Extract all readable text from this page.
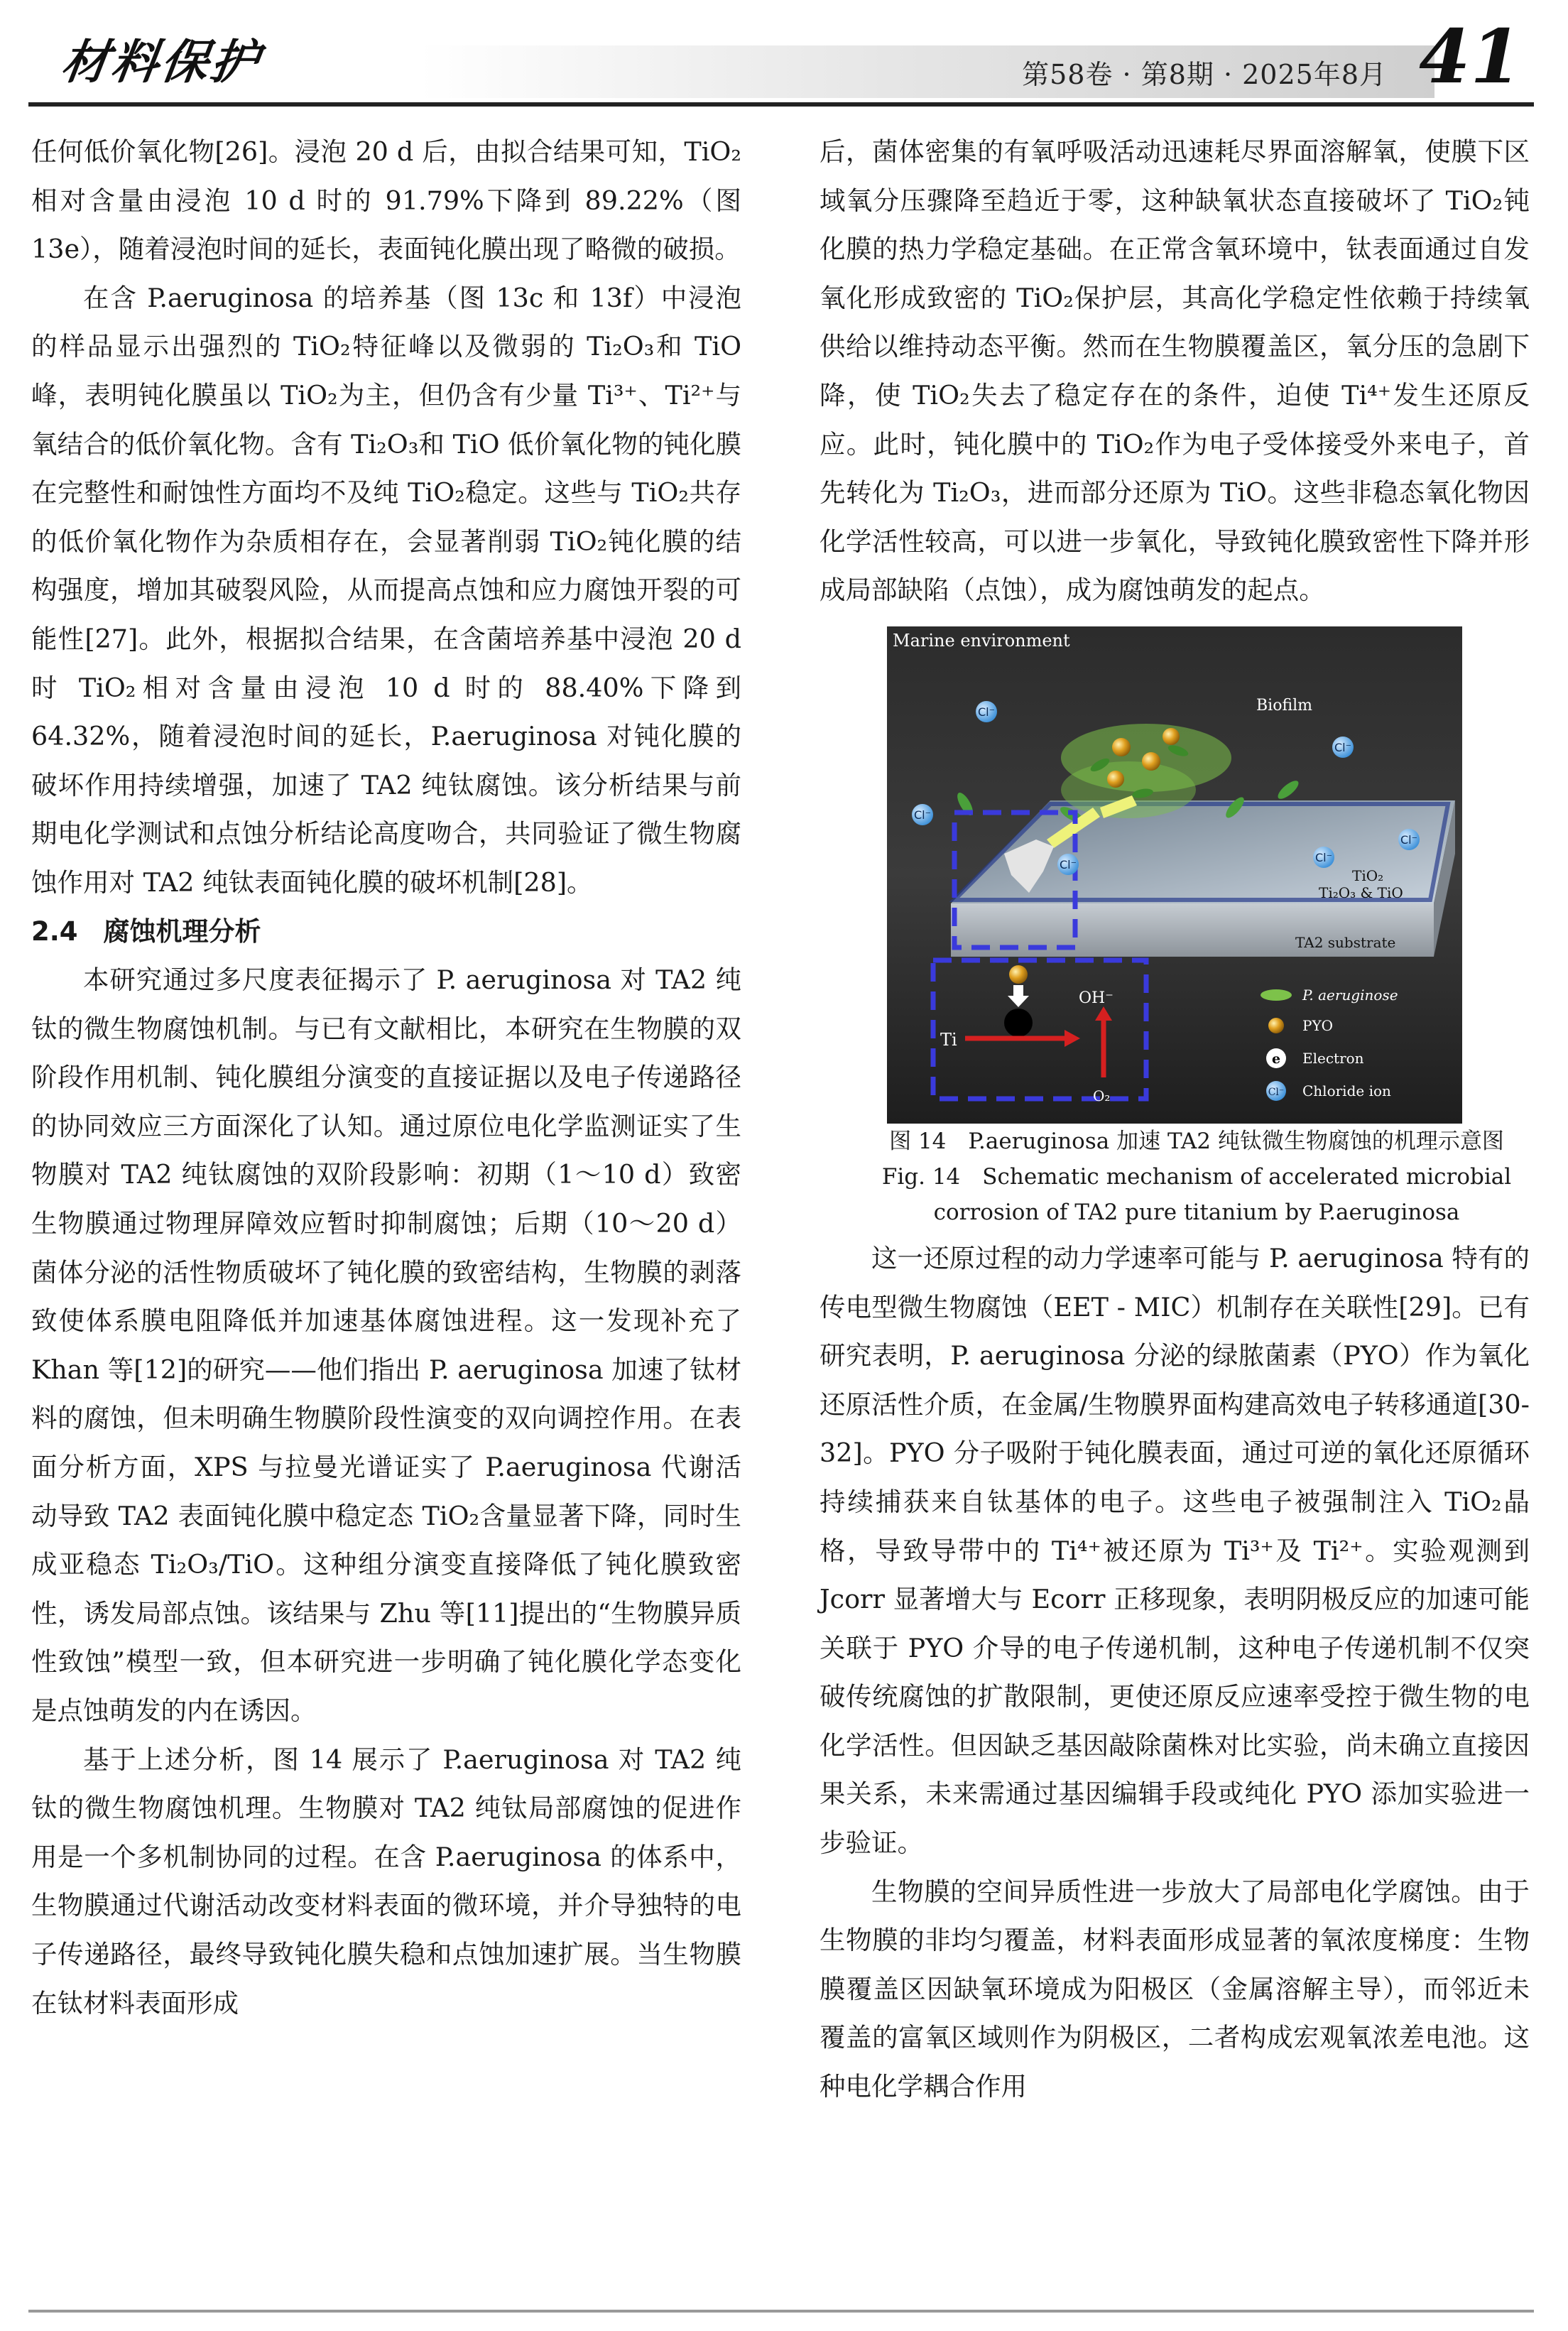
材料保护	第58卷 · 第8期 · 2025年8月 41

任何低价氧化物[26]。浸泡 20 d 后，由拟合结果可知，TiO₂相对含量由浸泡 10 d 时的 91.79%下降到 89.22%（图 13e），随着浸泡时间的延长，表面钝化膜出现了略微的破损。

在含 P.aeruginosa 的培养基（图 13c 和 13f）中浸泡的样品显示出强烈的 TiO₂特征峰以及微弱的 Ti₂O₃和 TiO 峰，表明钝化膜虽以 TiO₂为主，但仍含有少量 Ti³⁺、Ti²⁺与氧结合的低价氧化物。含有 Ti₂O₃和 TiO 低价氧化物的钝化膜在完整性和耐蚀性方面均不及纯 TiO₂稳定。这些与 TiO₂共存的低价氧化物作为杂质相存在，会显著削弱 TiO₂钝化膜的结构强度，增加其破裂风险，从而提高点蚀和应力腐蚀开裂的可能性[27]。此外，根据拟合结果，在含菌培养基中浸泡 20 d 时 TiO₂相对含量由浸泡 10 d 时的 88.40%下降到 64.32%，随着浸泡时间的延长，P.aeruginosa 对钝化膜的破坏作用持续增强，加速了 TA2 纯钛腐蚀。该分析结果与前期电化学测试和点蚀分析结论高度吻合，共同验证了微生物腐蚀作用对 TA2 纯钛表面钝化膜的破坏机制[28]。

2.4 腐蚀机理分析

本研究通过多尺度表征揭示了 P. aeruginosa 对 TA2 纯钛的微生物腐蚀机制。与已有文献相比，本研究在生物膜的双阶段作用机制、钝化膜组分演变的直接证据以及电子传递路径的协同效应三方面深化了认知。通过原位电化学监测证实了生物膜对 TA2 纯钛腐蚀的双阶段影响：初期（1～10 d）致密生物膜通过物理屏障效应暂时抑制腐蚀；后期（10～20 d）菌体分泌的活性物质破坏了钝化膜的致密结构，生物膜的剥落致使体系膜电阻降低并加速基体腐蚀进程。这一发现补充了 Khan 等[12]的研究——他们指出 P. aeruginosa 加速了钛材料的腐蚀，但未明确生物膜阶段性演变的双向调控作用。在表面分析方面，XPS 与拉曼光谱证实了 P.aeruginosa 代谢活动导致 TA2 表面钝化膜中稳定态 TiO₂含量显著下降，同时生成亚稳态 Ti₂O₃/TiO。这种组分演变直接降低了钝化膜致密性，诱发局部点蚀。该结果与 Zhu 等[11]提出的“生物膜异质性致蚀”模型一致，但本研究进一步明确了钝化膜化学态变化是点蚀萌发的内在诱因。

基于上述分析，图 14 展示了 P.aeruginosa 对 TA2 纯钛的微生物腐蚀机理。生物膜对 TA2 纯钛局部腐蚀的促进作用是一个多机制协同的过程。在含 P.aeruginosa 的体系中，生物膜通过代谢活动改变材料表面的微环境，并介导独特的电子传递路径，最终导致钝化膜失稳和点蚀加速扩展。当生物膜在钛材料表面形成

后，菌体密集的有氧呼吸活动迅速耗尽界面溶解氧，使膜下区域氧分压骤降至趋近于零，这种缺氧状态直接破坏了 TiO₂钝化膜的热力学稳定基础。在正常含氧环境中，钛表面通过自发氧化形成致密的 TiO₂保护层，其高化学稳定性依赖于持续氧供给以维持动态平衡。然而在生物膜覆盖区，氧分压的急剧下降，使 TiO₂失去了稳定存在的条件，迫使 Ti⁴⁺发生还原反应。此时，钝化膜中的 TiO₂作为电子受体接受外来电子，首先转化为 Ti₂O₃，进而部分还原为 TiO。这些非稳态氧化物因化学活性较高，可以进一步氧化，导致钝化膜致密性下降并形成局部缺陷（点蚀），成为腐蚀萌发的起点。

Cl⁻
Cl⁻
Cl⁻
Cl⁻
Cl⁻
Cl⁻
Marine environment
Biofilm
TiO₂
Ti₂O₃ & TiO
TA2 substrate
Ti
OH⁻
O₂
P. aeruginose
PYO
e Electron
Cl⁻ Chloride ion

图 14　P.aeruginosa 加速 TA2 纯钛微生物腐蚀的机理示意图

Fig. 14　Schematic mechanism of accelerated microbial

corrosion of TA2 pure titanium by P.aeruginosa

这一还原过程的动力学速率可能与 P. aeruginosa 特有的传电型微生物腐蚀（EET - MIC）机制存在关联性[29]。已有研究表明，P. aeruginosa 分泌的绿脓菌素（PYO）作为氧化还原活性介质，在金属/生物膜界面构建高效电子转移通道[30-32]。PYO 分子吸附于钝化膜表面，通过可逆的氧化还原循环持续捕获来自钛基体的电子。这些电子被强制注入 TiO₂晶格，导致导带中的 Ti⁴⁺被还原为 Ti³⁺及 Ti²⁺。实验观测到 Jcorr 显著增大与 Ecorr 正移现象，表明阴极反应的加速可能关联于 PYO 介导的电子传递机制，这种电子传递机制不仅突破传统腐蚀的扩散限制，更使还原反应速率受控于微生物的电化学活性。但因缺乏基因敲除菌株对比实验，尚未确立直接因果关系，未来需通过基因编辑手段或纯化 PYO 添加实验进一步验证。

生物膜的空间异质性进一步放大了局部电化学腐蚀。由于生物膜的非均匀覆盖，材料表面形成显著的氧浓度梯度：生物膜覆盖区因缺氧环境成为阳极区（金属溶解主导），而邻近未覆盖的富氧区域则作为阴极区，二者构成宏观氧浓差电池。这种电化学耦合作用
